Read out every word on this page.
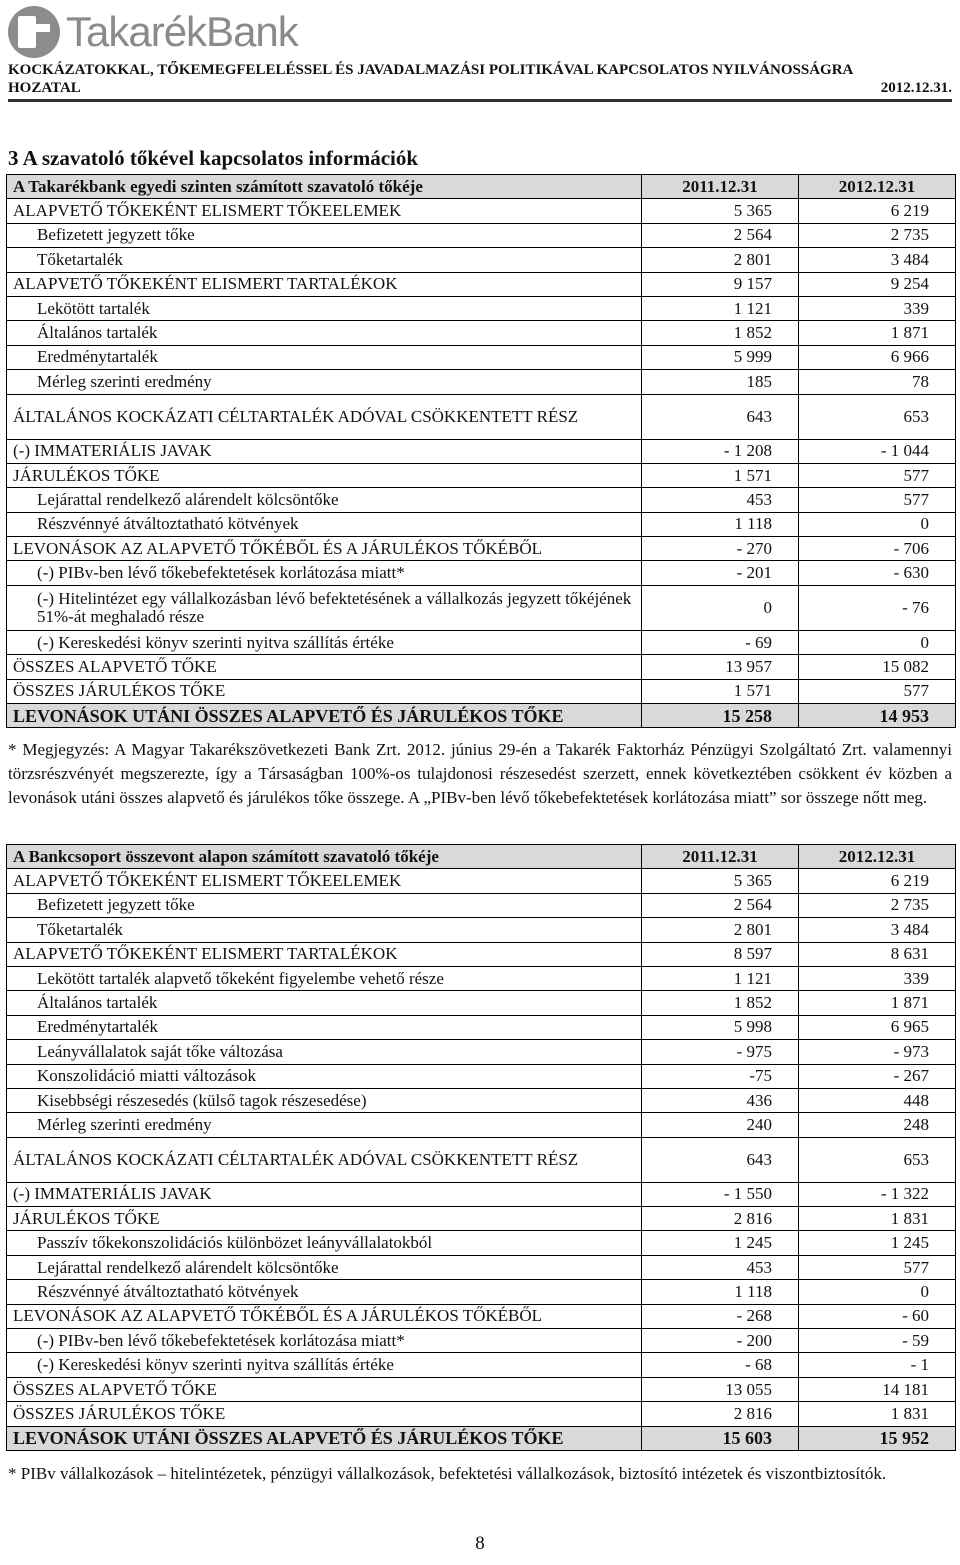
TakarékBank
KOCKÁZATOKKAL, TŐKEMEGFELELÉSSEL ÉS JAVADALMAZÁSI POLITIKÁVAL KAPCSOLATOS NYILVÁNOSSÁGRA
HOZATAL	2012.12.31.
3 A szavatoló tőkével kapcsolatos információk
A Takarékbank egyedi szinten számított szavatoló tőkéje	2011.12.31	2012.12.31
ALAPVETŐ TŐKEKÉNT ELISMERT TŐKEELEMEK	5 365	6 219
Befizetett jegyzett tőke	2 564	2 735
Tőketartalék	2 801	3 484
ALAPVETŐ TŐKEKÉNT ELISMERT TARTALÉKOK	9 157	9 254
Lekötött tartalék	1 121	339
Általános tartalék	1 852	1 871
Eredménytartalék	5 999	6 966
Mérleg szerinti eredmény	185	78
ÁLTALÁNOS KOCKÁZATI CÉLTARTALÉK ADÓVAL CSÖKKENTETT RÉSZ	643	653
(-) IMMATERIÁLIS JAVAK	- 1 208	- 1 044
JÁRULÉKOS TŐKE	1 571	577
Lejárattal rendelkező alárendelt kölcsöntőke	453	577
Részvénnyé átváltoztatható kötvények	1 118	0
LEVONÁSOK AZ ALAPVETŐ TŐKÉBŐL ÉS A JÁRULÉKOS TŐKÉBŐL	- 270	- 706
(-) PIBv-ben lévő tőkebefektetések korlátozása miatt*	- 201	- 630
(-) Hitelintézet egy vállalkozásban lévő befektetésének a vállalkozás jegyzett tőkéjének 51%-át meghaladó része	0	- 76
(-) Kereskedési könyv szerinti nyitva szállítás értéke	- 69	0
ÖSSZES ALAPVETŐ TŐKE	13 957	15 082
ÖSSZES JÁRULÉKOS TŐKE	1 571	577
LEVONÁSOK UTÁNI ÖSSZES ALAPVETŐ ÉS JÁRULÉKOS TŐKE	15 258	14 953
* Megjegyzés: A Magyar Takarékszövetkezeti Bank Zrt. 2012. június 29-én a Takarék Faktorház Pénzügyi Szolgáltató Zrt. valamennyi törzsrészvényét megszerezte, így a Társaságban 100%-os tulajdonosi részesedést szerzett, ennek következtében csökkent év közben a levonások utáni összes alapvető és járulékos tőke összege. A „PIBv-ben lévő tőkebefektetések korlátozása miatt” sor összege nőtt meg.
A Bankcsoport összevont alapon számított szavatoló tőkéje	2011.12.31	2012.12.31
ALAPVETŐ TŐKEKÉNT ELISMERT TŐKEELEMEK	5 365	6 219
Befizetett jegyzett tőke	2 564	2 735
Tőketartalék	2 801	3 484
ALAPVETŐ TŐKEKÉNT ELISMERT TARTALÉKOK	8 597	8 631
Lekötött tartalék alapvető tőkeként figyelembe vehető része	1 121	339
Általános tartalék	1 852	1 871
Eredménytartalék	5 998	6 965
Leányvállalatok saját tőke változása	- 975	- 973
Konszolidáció miatti változások	-75	- 267
Kisebbségi részesedés (külső tagok részesedése)	436	448
Mérleg szerinti eredmény	240	248
ÁLTALÁNOS KOCKÁZATI CÉLTARTALÉK ADÓVAL CSÖKKENTETT RÉSZ	643	653
(-) IMMATERIÁLIS JAVAK	- 1 550	- 1 322
JÁRULÉKOS TŐKE	2 816	1 831
Passzív tőkekonszolidációs különbözet leányvállalatokból	1 245	1 245
Lejárattal rendelkező alárendelt kölcsöntőke	453	577
Részvénnyé átváltoztatható kötvények	1 118	0
LEVONÁSOK AZ ALAPVETŐ TŐKÉBŐL ÉS A JÁRULÉKOS TŐKÉBŐL	- 268	- 60
(-) PIBv-ben lévő tőkebefektetések korlátozása miatt*	- 200	- 59
(-) Kereskedési könyv szerinti nyitva szállítás értéke	- 68	- 1
ÖSSZES ALAPVETŐ TŐKE	13 055	14 181
ÖSSZES JÁRULÉKOS TŐKE	2 816	1 831
LEVONÁSOK UTÁNI ÖSSZES ALAPVETŐ ÉS JÁRULÉKOS TŐKE	15 603	15 952
* PIBv vállalkozások – hitelintézetek, pénzügyi vállalkozások, befektetési vállalkozások, biztosító intézetek és viszontbiztosítók.
8
